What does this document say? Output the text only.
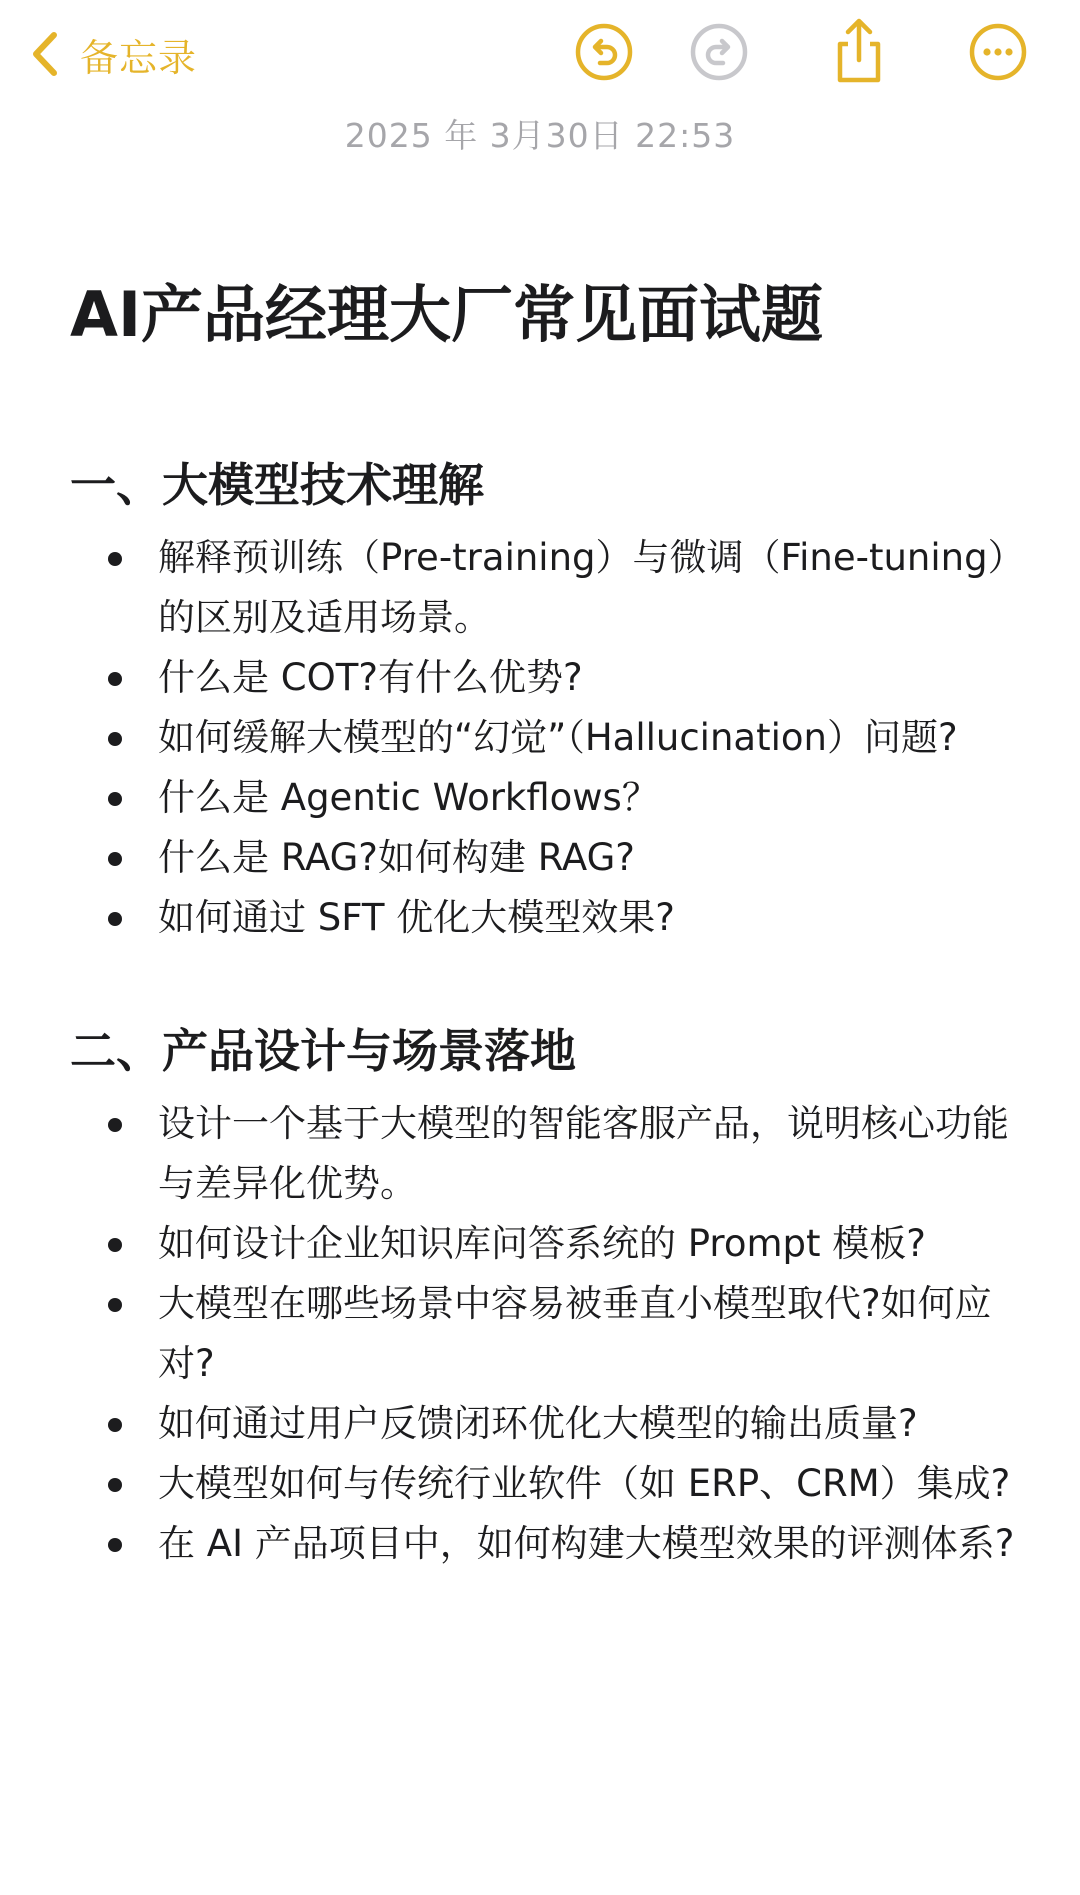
备忘录
2025 年 3月30日 22:53
AI产品经理大厂常见面试题
一、大模型技术理解
解释预训练（Pre-training）与微调（Fine-tuning）的区别及适用场景。
什么是 COT?有什么优势?
如何缓解大模型的“幻觉”（Hallucination）问题?
什么是 Agentic Workflows？
什么是 RAG?如何构建 RAG?
如何通过 SFT 优化大模型效果?
二、产品设计与场景落地
设计一个基于大模型的智能客服产品，说明核心功能与差异化优势。
如何设计企业知识库问答系统的 Prompt 模板?
大模型在哪些场景中容易被垂直小模型取代?如何应对?
如何通过用户反馈闭环优化大模型的输出质量?
大模型如何与传统行业软件（如 ERP、CRM）集成?
在 AI 产品项目中，如何构建大模型效果的评测体系?
